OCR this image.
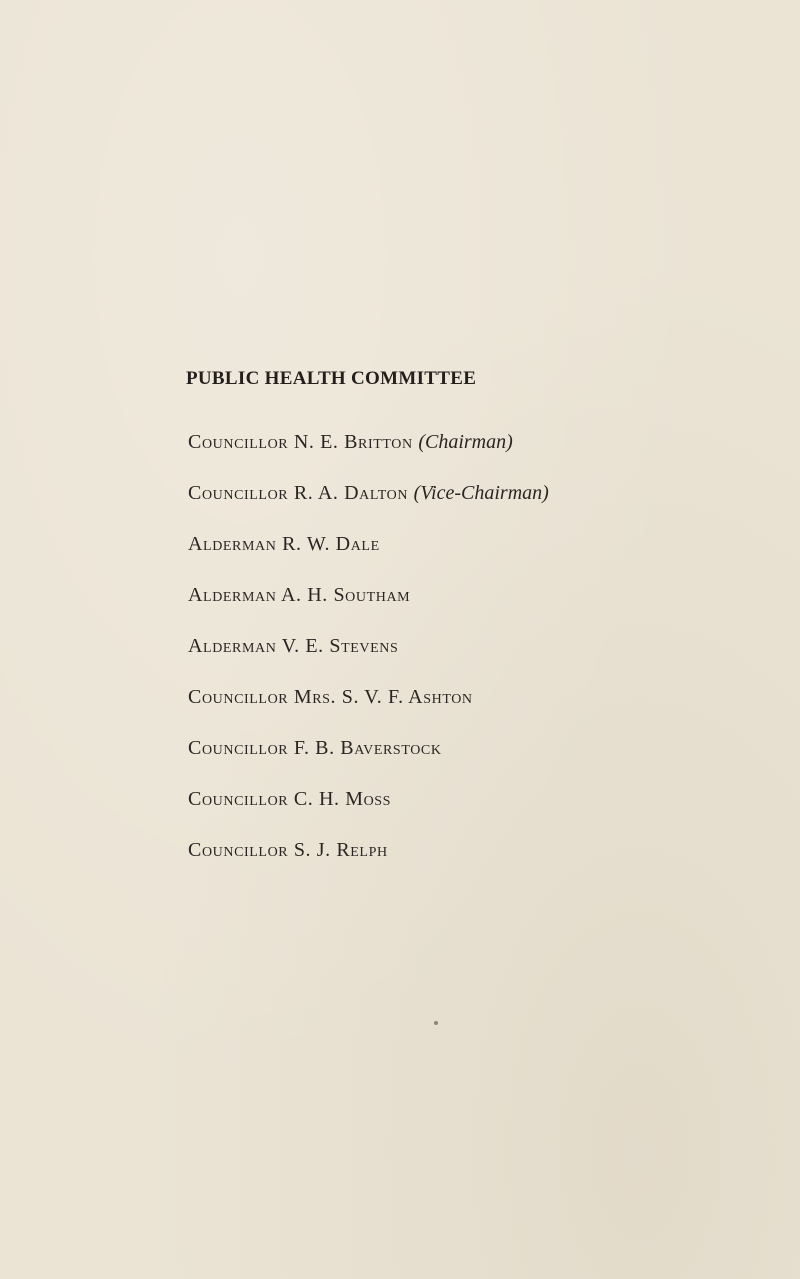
PUBLIC HEALTH COMMITTEE
Councillor N. E. Britton (Chairman)
Councillor R. A. Dalton (Vice-Chairman)
Alderman R. W. Dale
Alderman A. H. Southam
Alderman V. E. Stevens
Councillor Mrs. S. V. F. Ashton
Councillor F. B. Baverstock
Councillor C. H. Moss
Councillor S. J. Relph
